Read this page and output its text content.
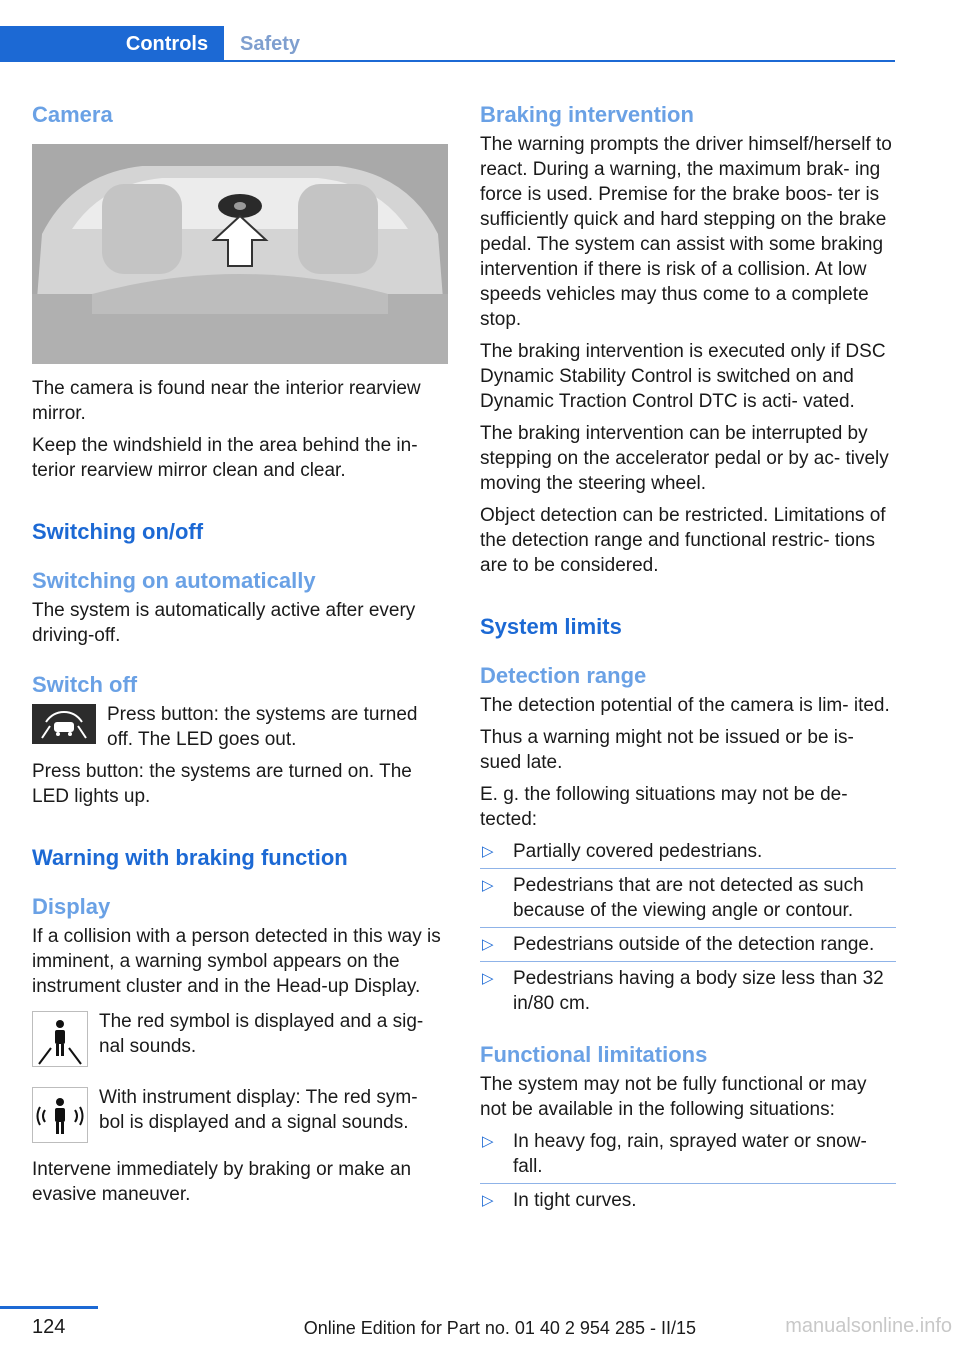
Controls	Safety
Camera

The camera is found near the interior rearview mirror.

Keep the windshield in the area behind the in- terior rearview mirror clean and clear.

Switching on/off
Switching on automatically

The system is automatically active after every driving-off.

Switch off

Press button: the systems are turned off. The LED goes out.

Press button: the systems are turned on. The LED lights up.

Warning with braking function
Display

If a collision with a person detected in this way is imminent, a warning symbol appears on the instrument cluster and in the Head-up Display.

The red symbol is displayed and a sig- nal sounds.

With instrument display: The red sym- bol is displayed and a signal sounds.

Intervene immediately by braking or make an evasive maneuver.

Braking intervention

The warning prompts the driver himself/herself to react. During a warning, the maximum brak- ing force is used. Premise for the brake boos- ter is sufficiently quick and hard stepping on the brake pedal. The system can assist with some braking intervention if there is risk of a collision. At low speeds vehicles may thus come to a complete stop.

The braking intervention is executed only if DSC Dynamic Stability Control is switched on and Dynamic Traction Control DTC is acti- vated.

The braking intervention can be interrupted by stepping on the accelerator pedal or by ac- tively moving the steering wheel.

Object detection can be restricted. Limitations of the detection range and functional restric- tions are to be considered.

System limits
Detection range

The detection potential of the camera is lim- ited.

Thus a warning might not be issued or be is- sued late.

E. g. the following situations may not be de- tected:

▷ Partially covered pedestrians.
▷ Pedestrians that are not detected as such because of the viewing angle or contour.
▷ Pedestrians outside of the detection range.
▷ Pedestrians having a body size less than 32 in/80 cm.
Functional limitations

The system may not be fully functional or may not be available in the following situations:

▷ In heavy fog, rain, sprayed water or snow- fall.
▷ In tight curves.
124	Online Edition for Part no. 01 40 2 954 285 - II/15	manualsonline.info
